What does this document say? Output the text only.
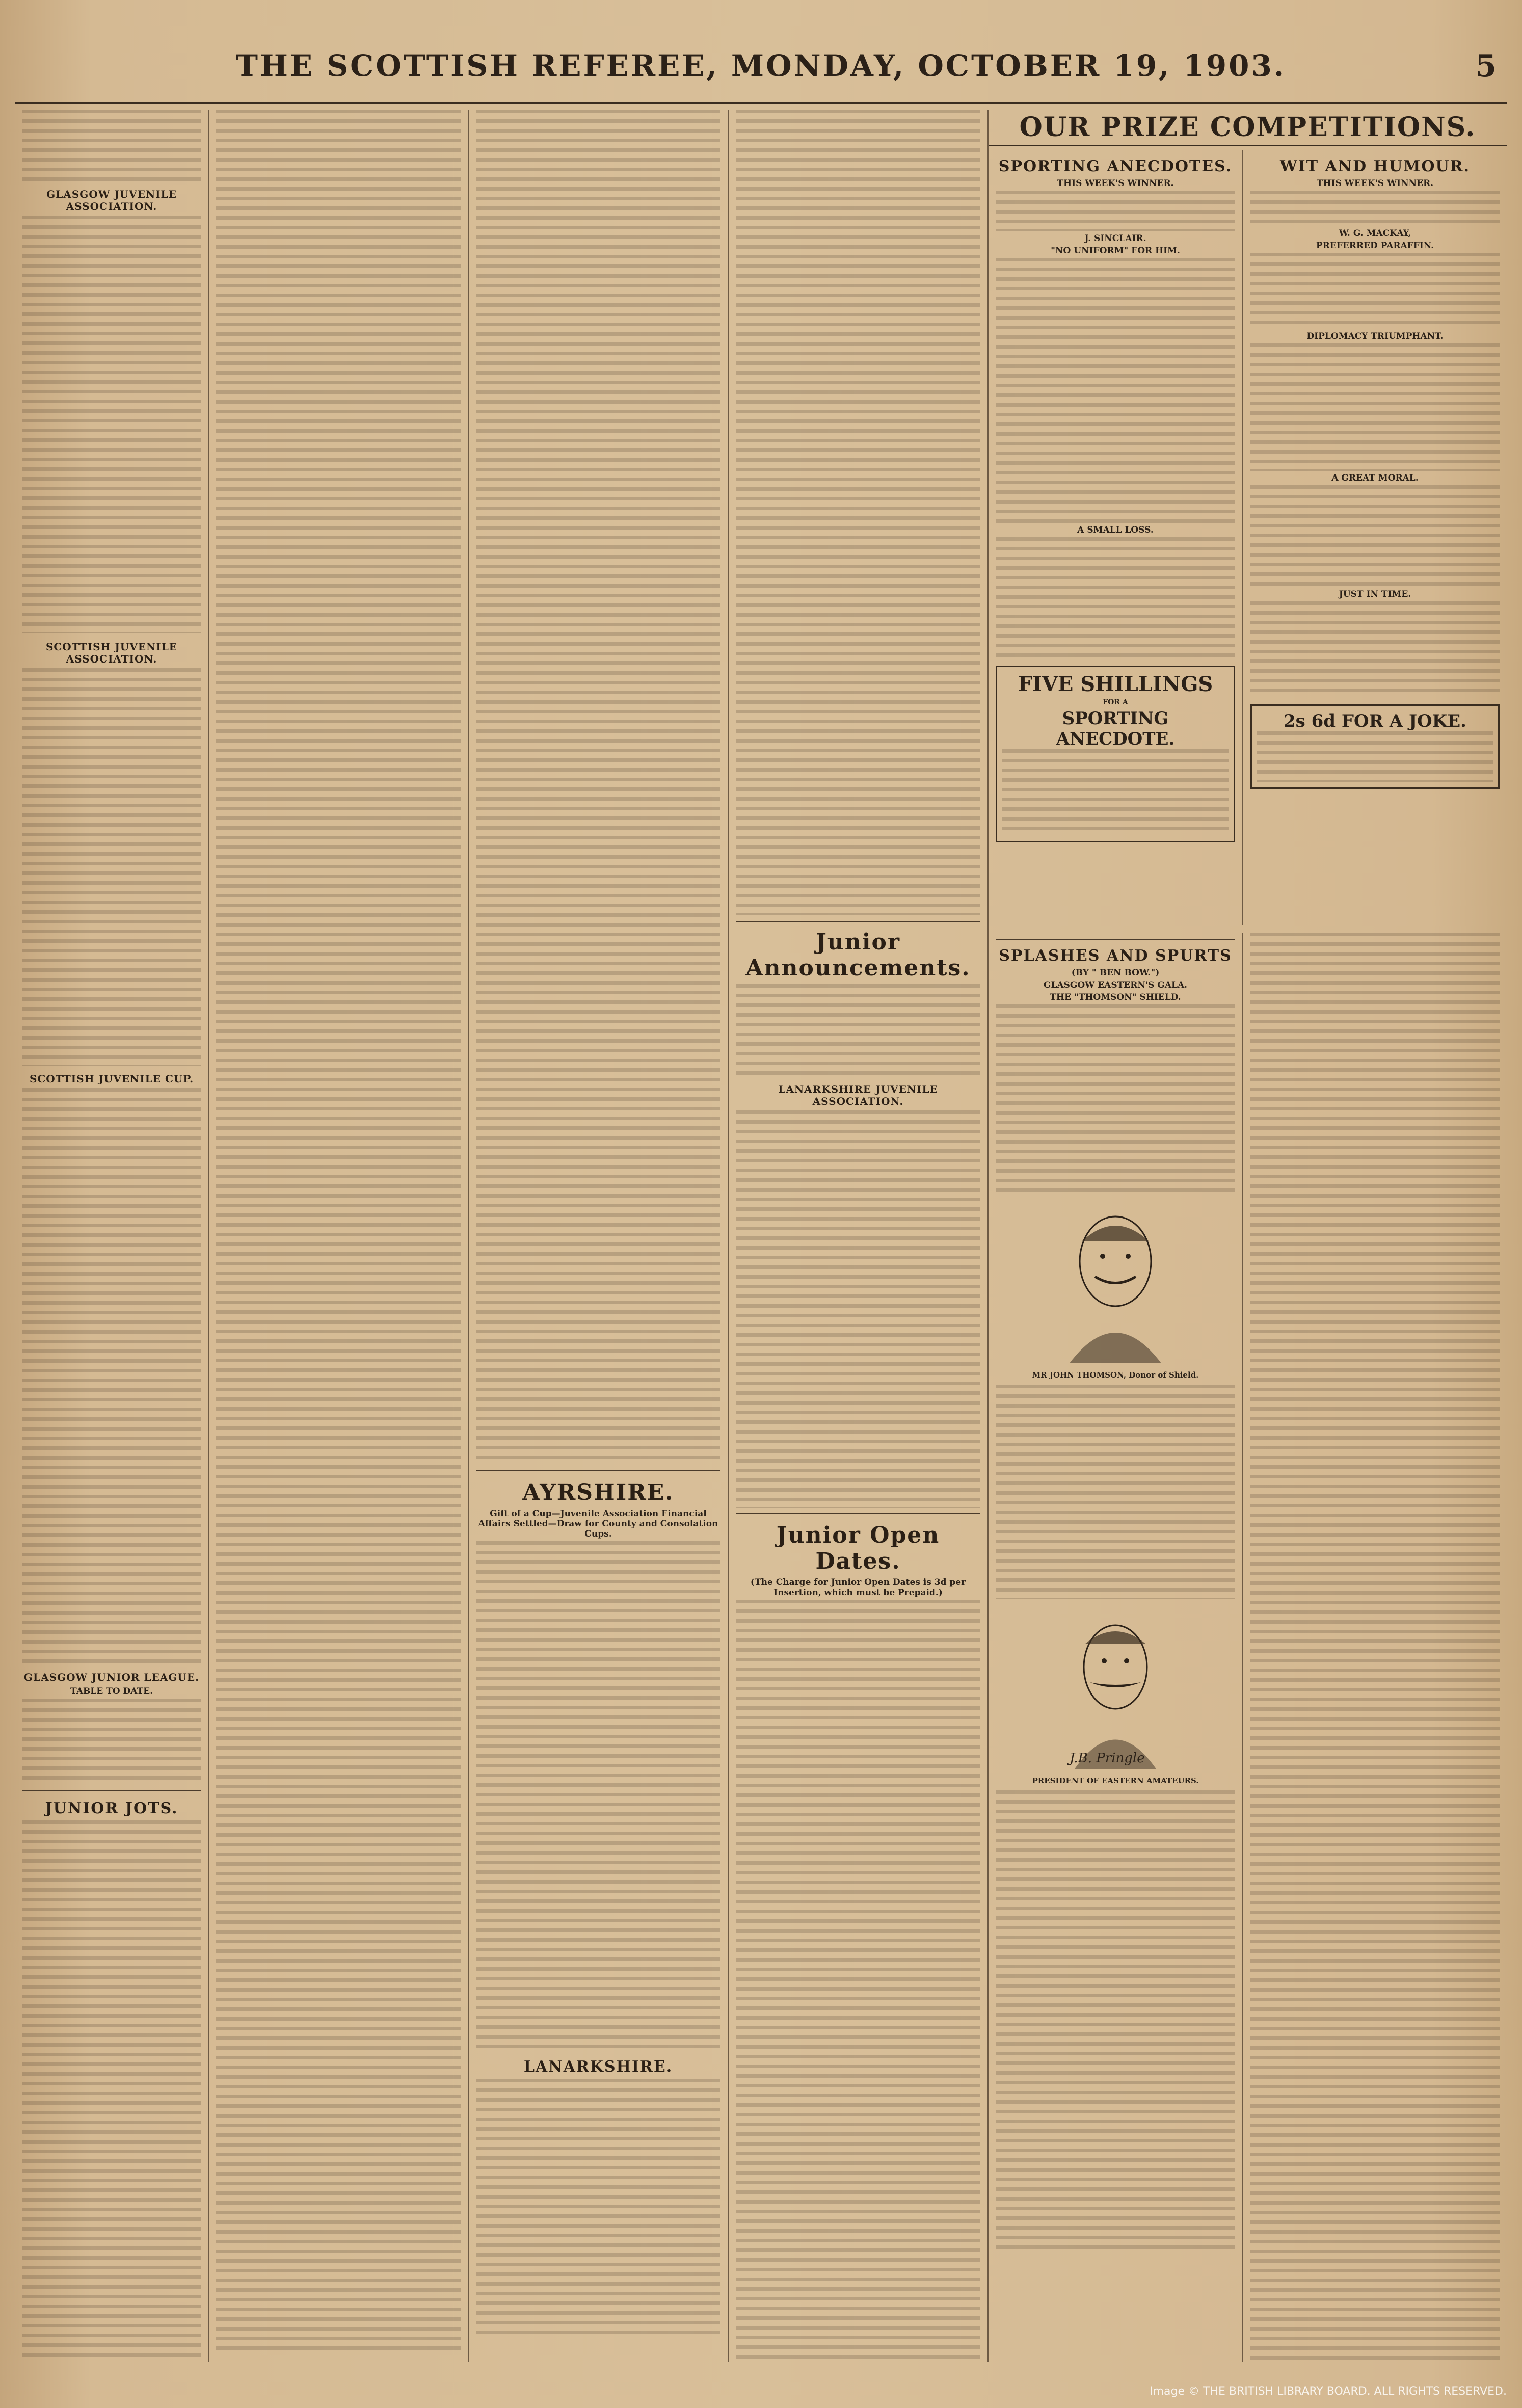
THE SCOTTISH REFEREE, MONDAY, OCTOBER 19, 1903.	5
GLASGOW JUVENILE ASSOCIATION.
SCOTTISH JUVENILE ASSOCIATION.
SCOTTISH JUVENILE CUP.
GLASGOW JUNIOR LEAGUE.
TABLE TO DATE.
JUNIOR JOTS.
AYRSHIRE.
Gift of a Cup—Juvenile Association Financial Affairs Settled—Draw for County and Consolation Cups.
LANARKSHIRE.
Junior Announcements.
LANARKSHIRE JUVENILE ASSOCIATION.
Junior Open Dates.
(The Charge for Junior Open Dates is 3d per Insertion, which must be Prepaid.)
OUR PRIZE COMPETITIONS.
SPORTING ANECDOTES.
THIS WEEK'S WINNER.
J. SINCLAIR.
"NO UNIFORM" FOR HIM.
A SMALL LOSS.
FIVE SHILLINGS
FOR A
SPORTING ANECDOTE.
WIT AND HUMOUR.
THIS WEEK'S WINNER.
W. G. MACKAY,
PREFERRED PARAFFIN.
DIPLOMACY TRIUMPHANT.
A GREAT MORAL.
JUST IN TIME.
2s 6d FOR A JOKE.
SPLASHES AND SPURTS
(BY " BEN BOW.")
GLASGOW EASTERN'S GALA.
THE "THOMSON" SHIELD.
MR JOHN THOMSON, Donor of Shield.
J.B. Pringle
PRESIDENT OF EASTERN AMATEURS.
Image © THE BRITISH LIBRARY BOARD. ALL RIGHTS RESERVED.
